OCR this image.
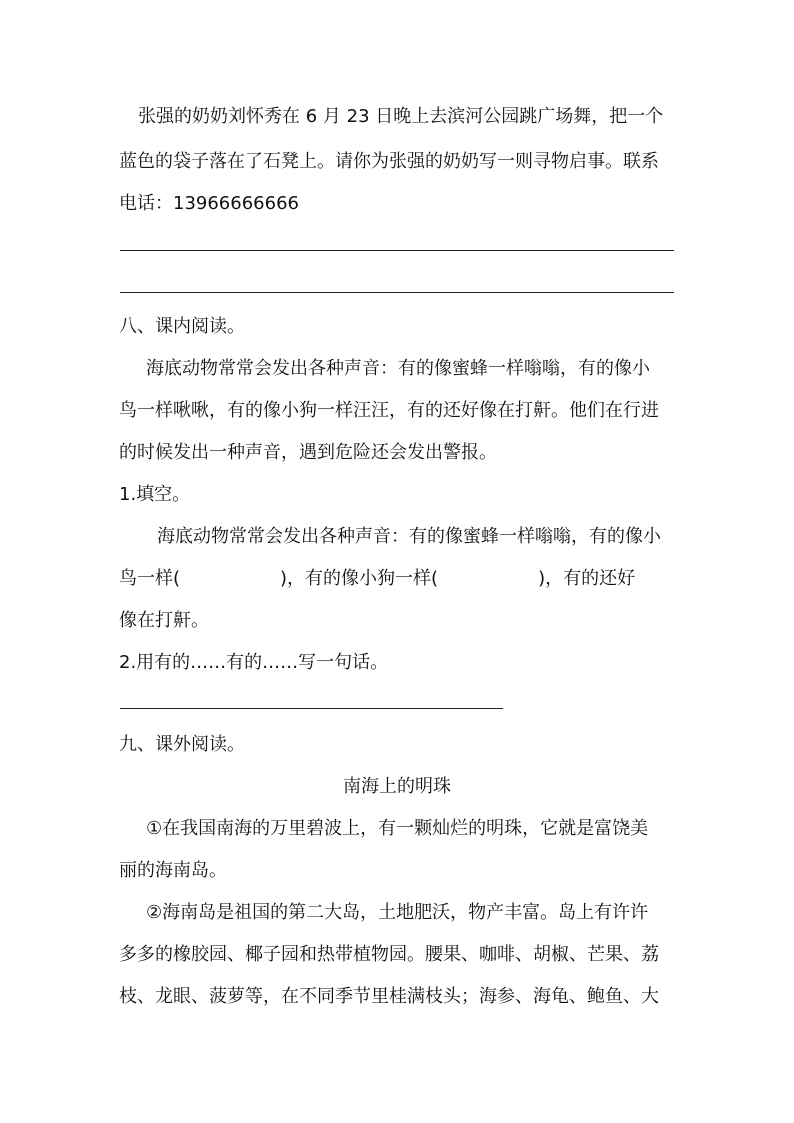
张强的奶奶刘怀秀在 6 月 23 日晚上去滨河公园跳广场舞，把一个
蓝色的袋子落在了石凳上。请你为张强的奶奶写一则寻物启事。联系
电话：13966666666
八、课内阅读。
海底动物常常会发出各种声音：有的像蜜蜂一样嗡嗡，有的像小
鸟一样啾啾，有的像小狗一样汪汪，有的还好像在打鼾。他们在行进
的时候发出一种声音，遇到危险还会发出警报。
1.填空。
海底动物常常会发出各种声音：有的像蜜蜂一样嗡嗡，有的像小
鸟一样(	)，有的像小狗一样(	)，有的还好
像在打鼾。
2.用有的……有的……写一句话。
九、课外阅读。
南海上的明珠
①在我国南海的万里碧波上，有一颗灿烂的明珠，它就是富饶美
丽的海南岛。
②海南岛是祖国的第二大岛，土地肥沃，物产丰富。岛上有许许
多多的橡胶园、椰子园和热带植物园。腰果、咖啡、胡椒、芒果、荔
枝、龙眼、菠萝等，在不同季节里桂满枝头；海参、海龟、鲍鱼、大
